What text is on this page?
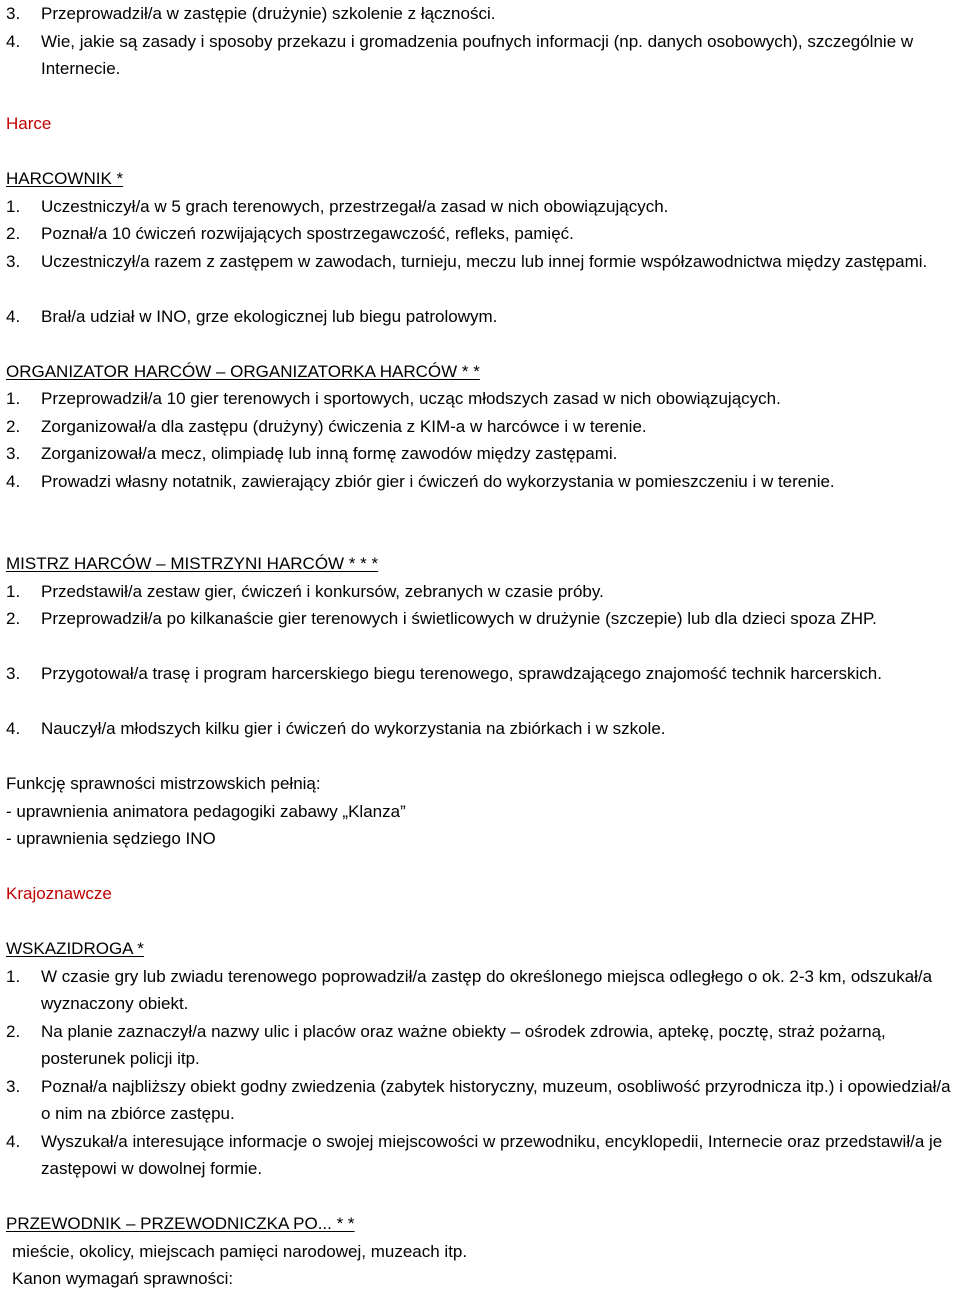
3.	Przeprowadził/a w zastępie (drużynie) szkolenie z łączności.
4.	Wie, jakie są zasady i sposoby przekazu i gromadzenia poufnych informacji (np. danych osobowych), szczególnie w Internecie.
Harce
HARCOWNIK *
1.	Uczestniczył/a w 5 grach terenowych, przestrzegał/a zasad w nich obowiązujących.
2.	Poznał/a 10 ćwiczeń rozwijających spostrzegawczość, refleks, pamięć.
3.	Uczestniczył/a razem z zastępem w zawodach, turnieju, meczu lub innej formie współzawodnictwa między zastępami.
4.	Brał/a udział w INO, grze ekologicznej lub biegu patrolowym.
ORGANIZATOR HARCÓW – ORGANIZATORKA HARCÓW * *
1.	Przeprowadził/a 10 gier terenowych i sportowych, ucząc młodszych zasad w nich obowiązujących.
2.	Zorganizował/a dla zastępu (drużyny) ćwiczenia z KIM-a w harcówce i w terenie.
3.	Zorganizował/a mecz, olimpiadę lub inną formę zawodów między zastępami.
4.	Prowadzi własny notatnik, zawierający zbiór gier i ćwiczeń do wykorzystania w pomieszczeniu i w terenie.
MISTRZ HARCÓW – MISTRZYNI HARCÓW * * *
1.	Przedstawił/a zestaw gier, ćwiczeń i konkursów, zebranych w czasie próby.
2.	Przeprowadził/a po kilkanaście gier terenowych i świetlicowych w drużynie (szczepie) lub dla dzieci spoza ZHP.
3.	Przygotował/a trasę i program harcerskiego biegu terenowego, sprawdzającego znajomość technik harcerskich.
4.	Nauczył/a młodszych kilku gier i ćwiczeń do wykorzystania na zbiórkach i w szkole.
Funkcję sprawności mistrzowskich pełnią:
- uprawnienia animatora pedagogiki zabawy „Klanza”
- uprawnienia sędziego INO
Krajoznawcze
WSKAZIDROGA *
1.	W czasie gry lub zwiadu terenowego poprowadził/a zastęp do określonego miejsca odległego o ok. 2-3 km, odszukał/a wyznaczony obiekt.
2.	Na planie zaznaczył/a nazwy ulic i placów oraz ważne obiekty – ośrodek zdrowia, aptekę, pocztę, straż pożarną, posterunek policji itp.
3.	Poznał/a najbliższy obiekt godny zwiedzenia (zabytek historyczny, muzeum, osobliwość przyrodnicza itp.) i opowiedział/a o nim na zbiórce zastępu.
4.	Wyszukał/a interesujące informacje o swojej miejscowości w przewodniku, encyklopedii, Internecie oraz przedstawił/a je zastępowi w dowolnej formie.
PRZEWODNIK – PRZEWODNICZKA PO... * *
mieście, okolicy, miejscach pamięci narodowej, muzeach itp.
Kanon wymagań sprawności:
